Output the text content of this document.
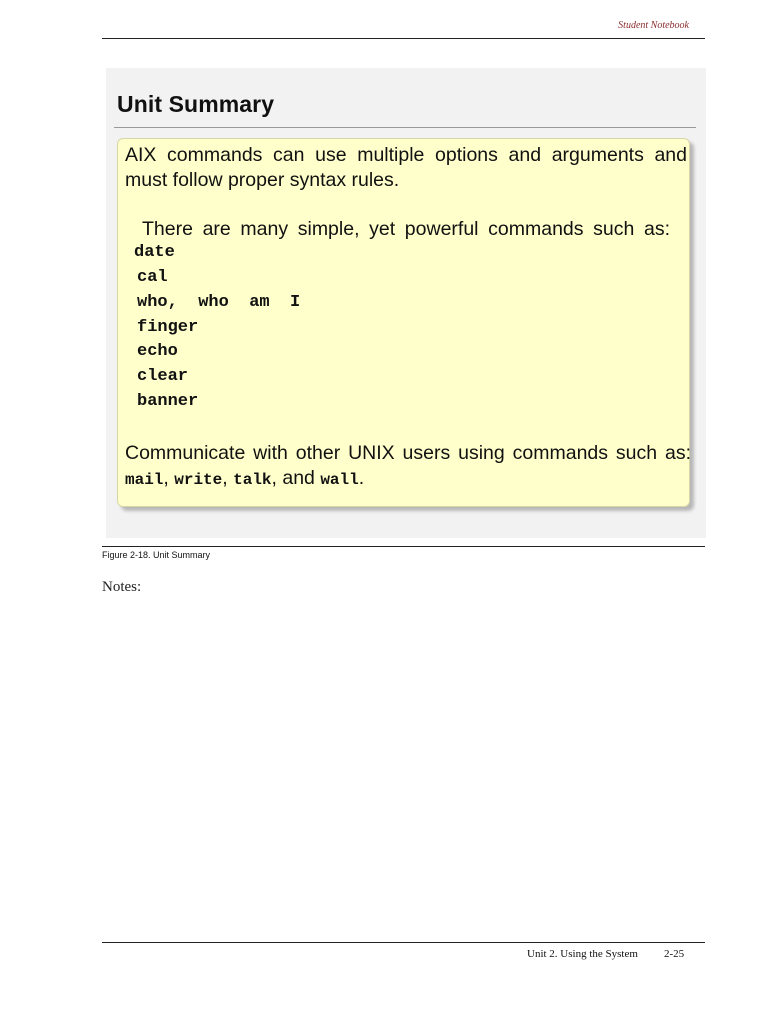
Student Notebook
Unit Summary
AIX commands can use multiple options and arguments and
must follow proper syntax rules.
There are many simple, yet powerful commands such as:
date
cal
who,  who  am  I
finger
echo
clear
banner
Communicate with other UNIX users using commands such as:
mail, write, talk, and wall.
Figure 2-18. Unit Summary
Notes:
Unit 2. Using the System 2-25
